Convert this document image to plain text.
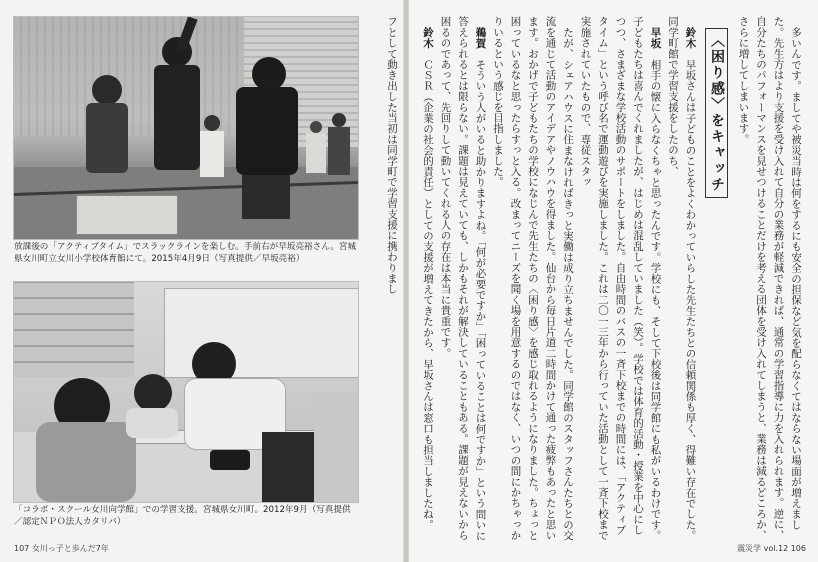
放課後の「アクティブタイム」でスラックラインを楽しむ。手前右が早坂亮裕さん。宮城県女川町立女川小学校体育館にて。2015年4月9日（写真提供／早坂亮裕）
「コラボ・スクール女川向学館」での学習支援。宮城県女川町。2012年9月（写真提供／認定ＮＰＯ法人カタリバ）
フとして動き出した当初は同学町で学習支援に携わりまし
107 女川っ子と歩んだ7年

多いんです。ましてや被災当時は何をするにも安全の担保など気を配らなくてはならない場面が増えました。先生方はより支援を受け入れて自分の業務が軽減できれば、通常の学習指導に力を入れられます。逆に、自分たちのパフォーマンスを見せつけることだけを考える団体を受け入れてしまうと、業務は減るどころか、さらに増してしまいます。

〈困り感〉をキャッチ

鈴木　早坂さんは子どものことをよくわかっていらした先生たちとの信頼関係も厚く、得難い存在でした。同学町館で学習支援をしたのち、

早坂　相手の懐に入らなくちゃと思ったんです。学校にも、そして下校後は同学館にも私がいるわけです。子どもたちは喜んでくれましたが、はじめは混乱していました（笑）。学校では体育的活動・授業を中心にしつつ、さまざまな学校活動のサポートをしました。自由時間のバスの一斉下校までの時間には、「アクティブタイム」という呼び名で運動遊びを実施しました。これは二〇一三年から行っていた活動として一斉下校まで実施されていたもので、専従スタッ

たが、シェアハウスに住まなければきっと実働は成り立ちませんでした。同学館のスタッフさんたちとの交流を通じて活動のアイデアやノウハウを得ました。仙台から毎日片道二時間かけて通った疲弊もあったと思います。おかげで子どもたちの学校になじんで先生たちの〈困り感〉を感じ取れるようになりました。ちょっと困っているなと思ったらすっと入る。改まってニーズを聞く場を用意するのではなく、いつの間にかちゃっかりいるという感じを目指しました。

鵜賀　そういう人がいると助かりますよね。「何が必要ですか」「困っていることは何ですか」という問いに答えられるとは限らない。課題は見えていても、しかもそれが解決していることもある。課題が見えないから困るのであって、先回りして動いてくれる人の存在は本当に貴重です。

鈴木　ＣＳＲ（企業の社会的責任）としての支援が増えてきたから、早坂さんは窓口も担当しましたね。

震災学 vol.12 106
